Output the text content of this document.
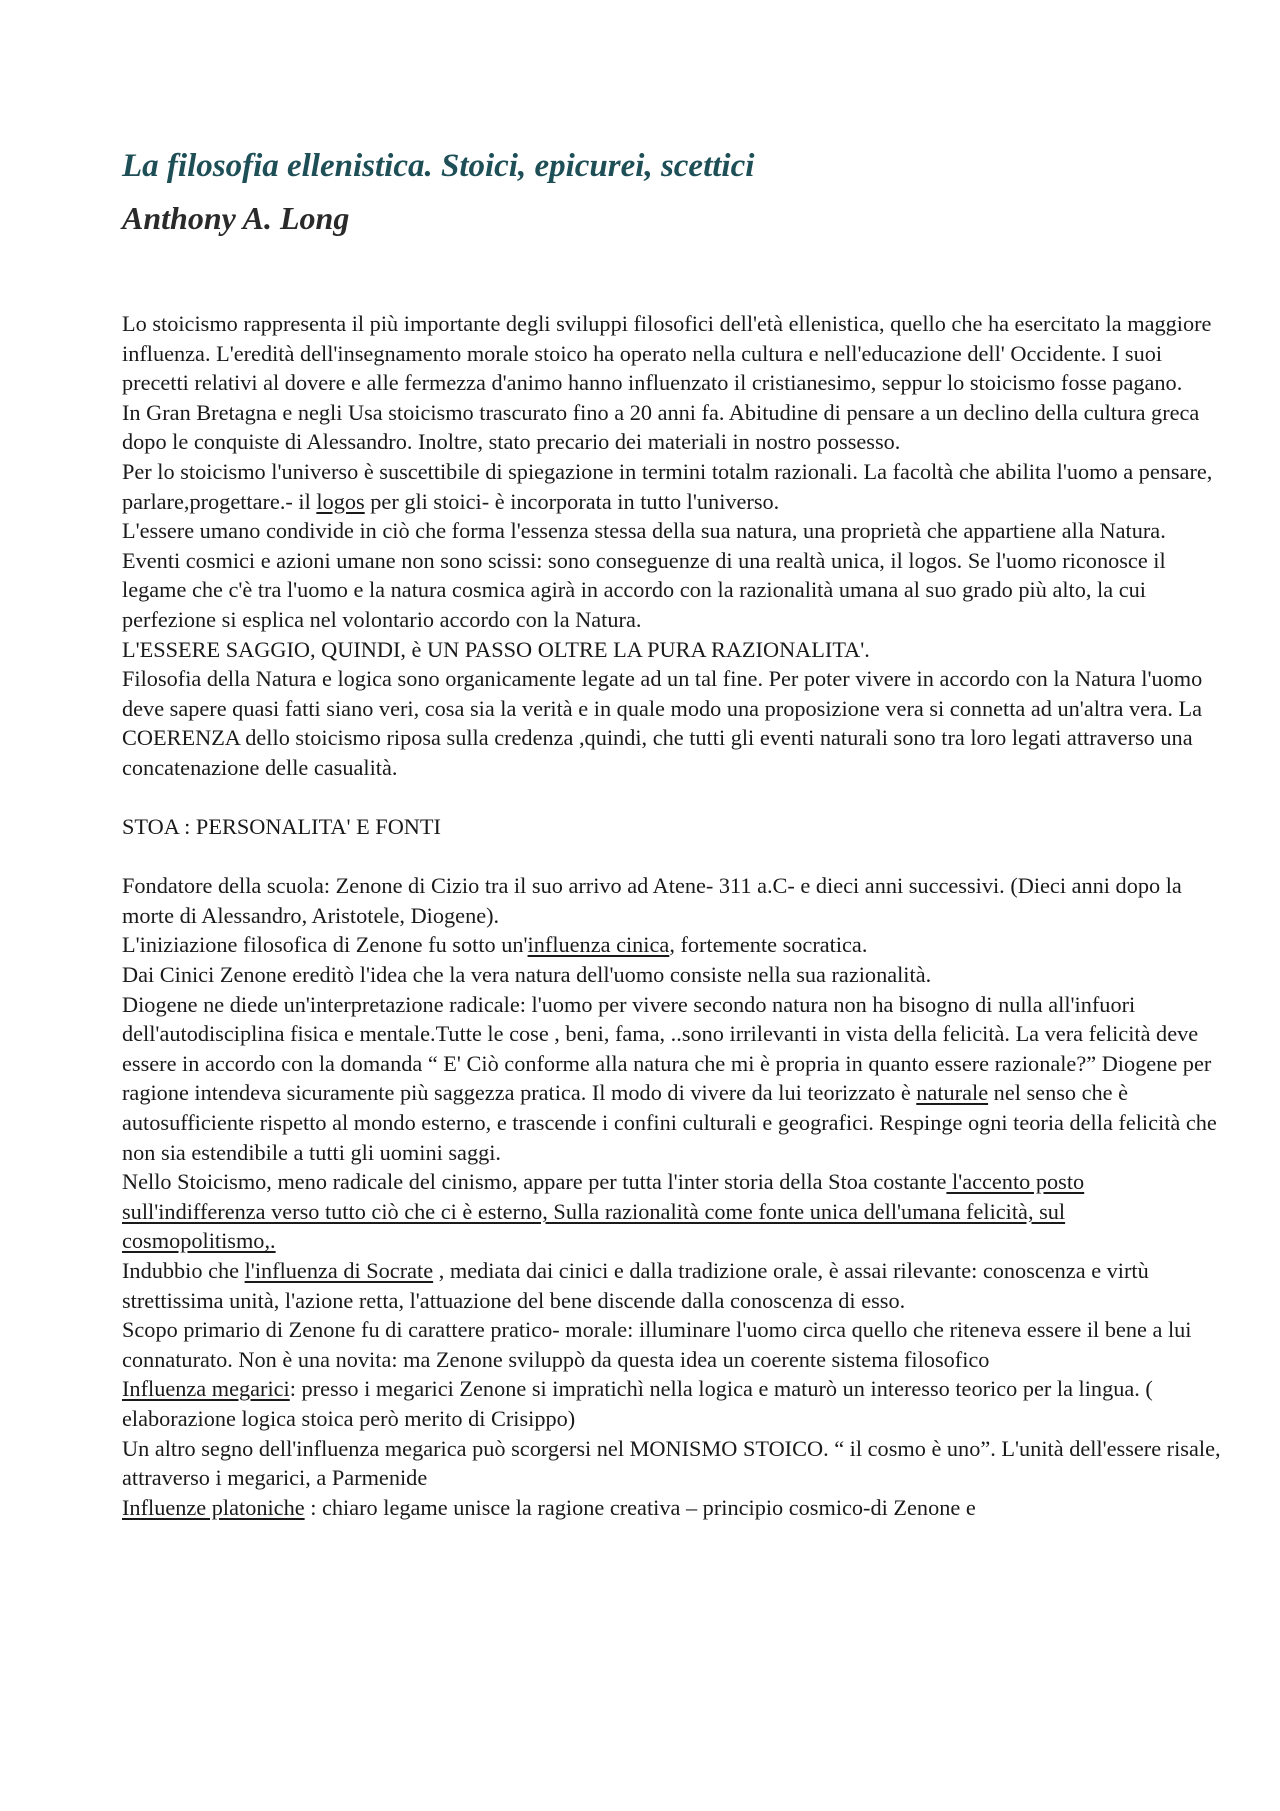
La filosofia ellenistica. Stoici, epicurei, scettici
Anthony A. Long

Lo stoicismo rappresenta il più importante degli sviluppi filosofici dell'età ellenistica, quello che ha esercitato la maggiore influenza. L'eredità dell'insegnamento morale stoico ha operato nella cultura e nell'educazione dell' Occidente. I suoi precetti relativi al dovere e alle fermezza d'animo hanno influenzato il cristianesimo, seppur lo stoicismo fosse pagano.

In Gran Bretagna e negli Usa stoicismo trascurato fino a 20 anni fa. Abitudine di pensare a un declino della cultura greca dopo le conquiste di Alessandro. Inoltre, stato precario dei materiali in nostro possesso.

Per lo stoicismo l'universo è suscettibile di spiegazione in termini totalm razionali. La facoltà che abilita l'uomo a pensare, parlare,progettare.- il logos per gli stoici- è incorporata in tutto l'universo.

L'essere umano condivide in ciò che forma l'essenza stessa della sua natura, una proprietà che appartiene alla Natura. Eventi cosmici e azioni umane non sono scissi: sono conseguenze di una realtà unica, il logos. Se l'uomo riconosce il legame che c'è tra l'uomo e la natura cosmica agirà in accordo con la razionalità umana al suo grado più alto, la cui perfezione si esplica nel volontario accordo con la Natura.

L'ESSERE SAGGIO, QUINDI, è UN PASSO OLTRE LA PURA RAZIONALITA'.

Filosofia della Natura e logica sono organicamente legate ad un tal fine. Per poter vivere in accordo con la Natura l'uomo deve sapere quasi fatti siano veri, cosa sia la verità e in quale modo una proposizione vera si connetta ad un'altra vera. La COERENZA dello stoicismo riposa sulla credenza ,quindi, che tutti gli eventi naturali sono tra loro legati attraverso una concatenazione delle casualità.

STOA : PERSONALITA' E FONTI

Fondatore della scuola: Zenone di Cizio tra il suo arrivo ad Atene- 311 a.C- e dieci anni successivi. (Dieci anni dopo la morte di Alessandro, Aristotele, Diogene).

L'iniziazione filosofica di Zenone fu sotto un'influenza cinica, fortemente socratica.

Dai Cinici Zenone ereditò l'idea che la vera natura dell'uomo consiste nella sua razionalità.

Diogene ne diede un'interpretazione radicale: l'uomo per vivere secondo natura non ha bisogno di nulla all'infuori dell'autodisciplina fisica e mentale.Tutte le cose , beni, fama, ..sono irrilevanti in vista della felicità. La vera felicità deve essere in accordo con la domanda “ E' Ciò conforme alla natura che mi è propria in quanto essere razionale?” Diogene per ragione intendeva sicuramente più saggezza pratica. Il modo di vivere da lui teorizzato è naturale nel senso che è autosufficiente rispetto al mondo esterno, e trascende i confini culturali e geografici. Respinge ogni teoria della felicità che non sia estendibile a tutti gli uomini saggi.

Nello Stoicismo, meno radicale del cinismo, appare per tutta l'inter storia della Stoa costante l'accento posto sull'indifferenza verso tutto ciò che ci è esterno, Sulla razionalità come fonte unica dell'umana felicità, sul cosmopolitismo,.

Indubbio che l'influenza di Socrate , mediata dai cinici e dalla tradizione orale, è assai rilevante: conoscenza e virtù strettissima unità, l'azione retta, l'attuazione del bene discende dalla conoscenza di esso.

Scopo primario di Zenone fu di carattere pratico- morale: illuminare l'uomo circa quello che riteneva essere il bene a lui connaturato. Non è una novita: ma Zenone sviluppò da questa idea un coerente sistema filosofico

Influenza megarici: presso i megarici Zenone si impratichì nella logica e maturò un interesso teorico per la lingua. ( elaborazione logica stoica però merito di Crisippo)

Un altro segno dell'influenza megarica può scorgersi nel MONISMO STOICO. “ il cosmo è uno”. L'unità dell'essere risale, attraverso i megarici, a Parmenide

Influenze platoniche : chiaro legame unisce la ragione creativa – principio cosmico-di Zenone e
